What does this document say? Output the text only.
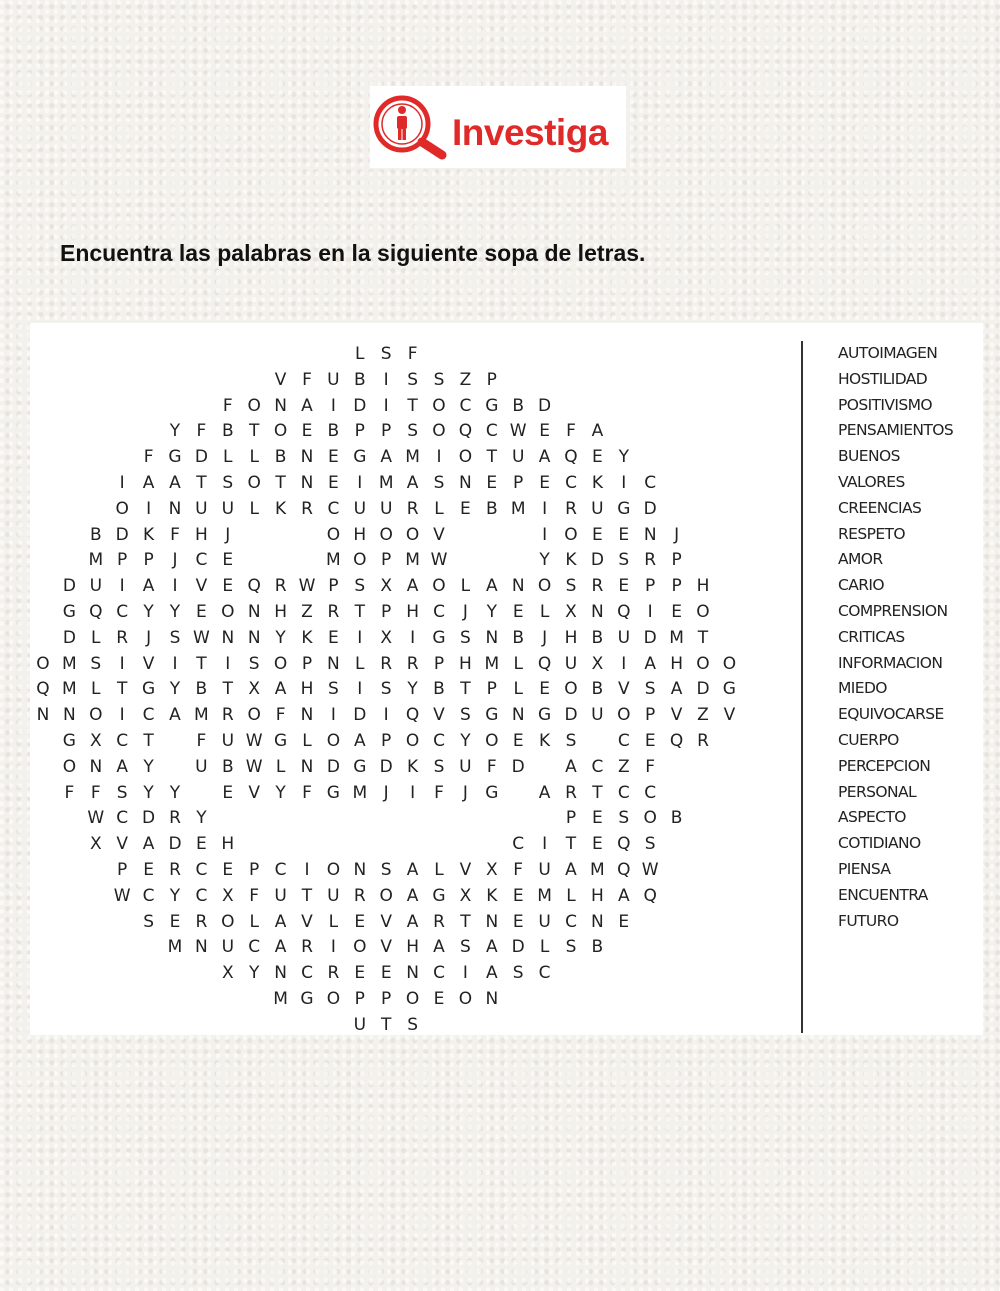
Investiga

Encuentra las palabras en la siguiente sopa de letras.

L S F
V F U B	I	S S Z P
F O N A	I	D	I	T O C G B D
Y F B T O E B P P S O Q C W E F A
F G D L L B N E G A M I	O T U A Q E Y
I	A A T S O T N E	I M A S N E P E C K	I	C
O	I	N U U L K R C U U R L E B M I	R U G D
B D K F H	J	O H O O V	I	O E E N	J
M P P	J	C E	M O P M W	Y K D S R P
D U	I	A	I	V E Q R W P S X A O L A N O S R E P P H
G Q C Y Y E O N H Z R T P H C	J	Y E L X N Q	I	E O
D L R	J	S W N N Y K E	I	X	I	G S N B	J	H B U D M T
O M S	I	V	I	T	I	S O P N L R R P H M L Q U X	I	A H O O
Q M L T G Y B T X A H S	I	S Y B T P L E O B V S A D G
N N O	I	C A M R O F N	I	D	I	Q V S G N G D U O P V Z V
G X C T	F U W G L O A P O C Y O E K S	C E Q R
O N A Y	U B W L N D G D K S U F D	A C Z F
F F S Y Y	E V Y F G M J	I	F	J	G	A R T C C
W C D R Y	P E S O B
X V A D E H	C	I	T E Q S
P E R C E P C	I	O N S A L V X F U A M Q W
W C Y C X F U T U R O A G X K E M L H A Q
S E R O L A V L E V A R T N E U C N E
M N U C A R	I	O V H A S A D L S B
X Y N C R E E N C	I	A S C
M G O P P O E O N
U T S
AUTOIMAGEN
HOSTILIDAD
POSITIVISMO
PENSAMIENTOS
BUENOS
VALORES
CREENCIAS
RESPETO
AMOR
CARIO
COMPRENSION
CRITICAS
INFORMACION
MIEDO
EQUIVOCARSE
CUERPO
PERCEPCION
PERSONAL
ASPECTO
COTIDIANO
PIENSA
ENCUENTRA
FUTURO
